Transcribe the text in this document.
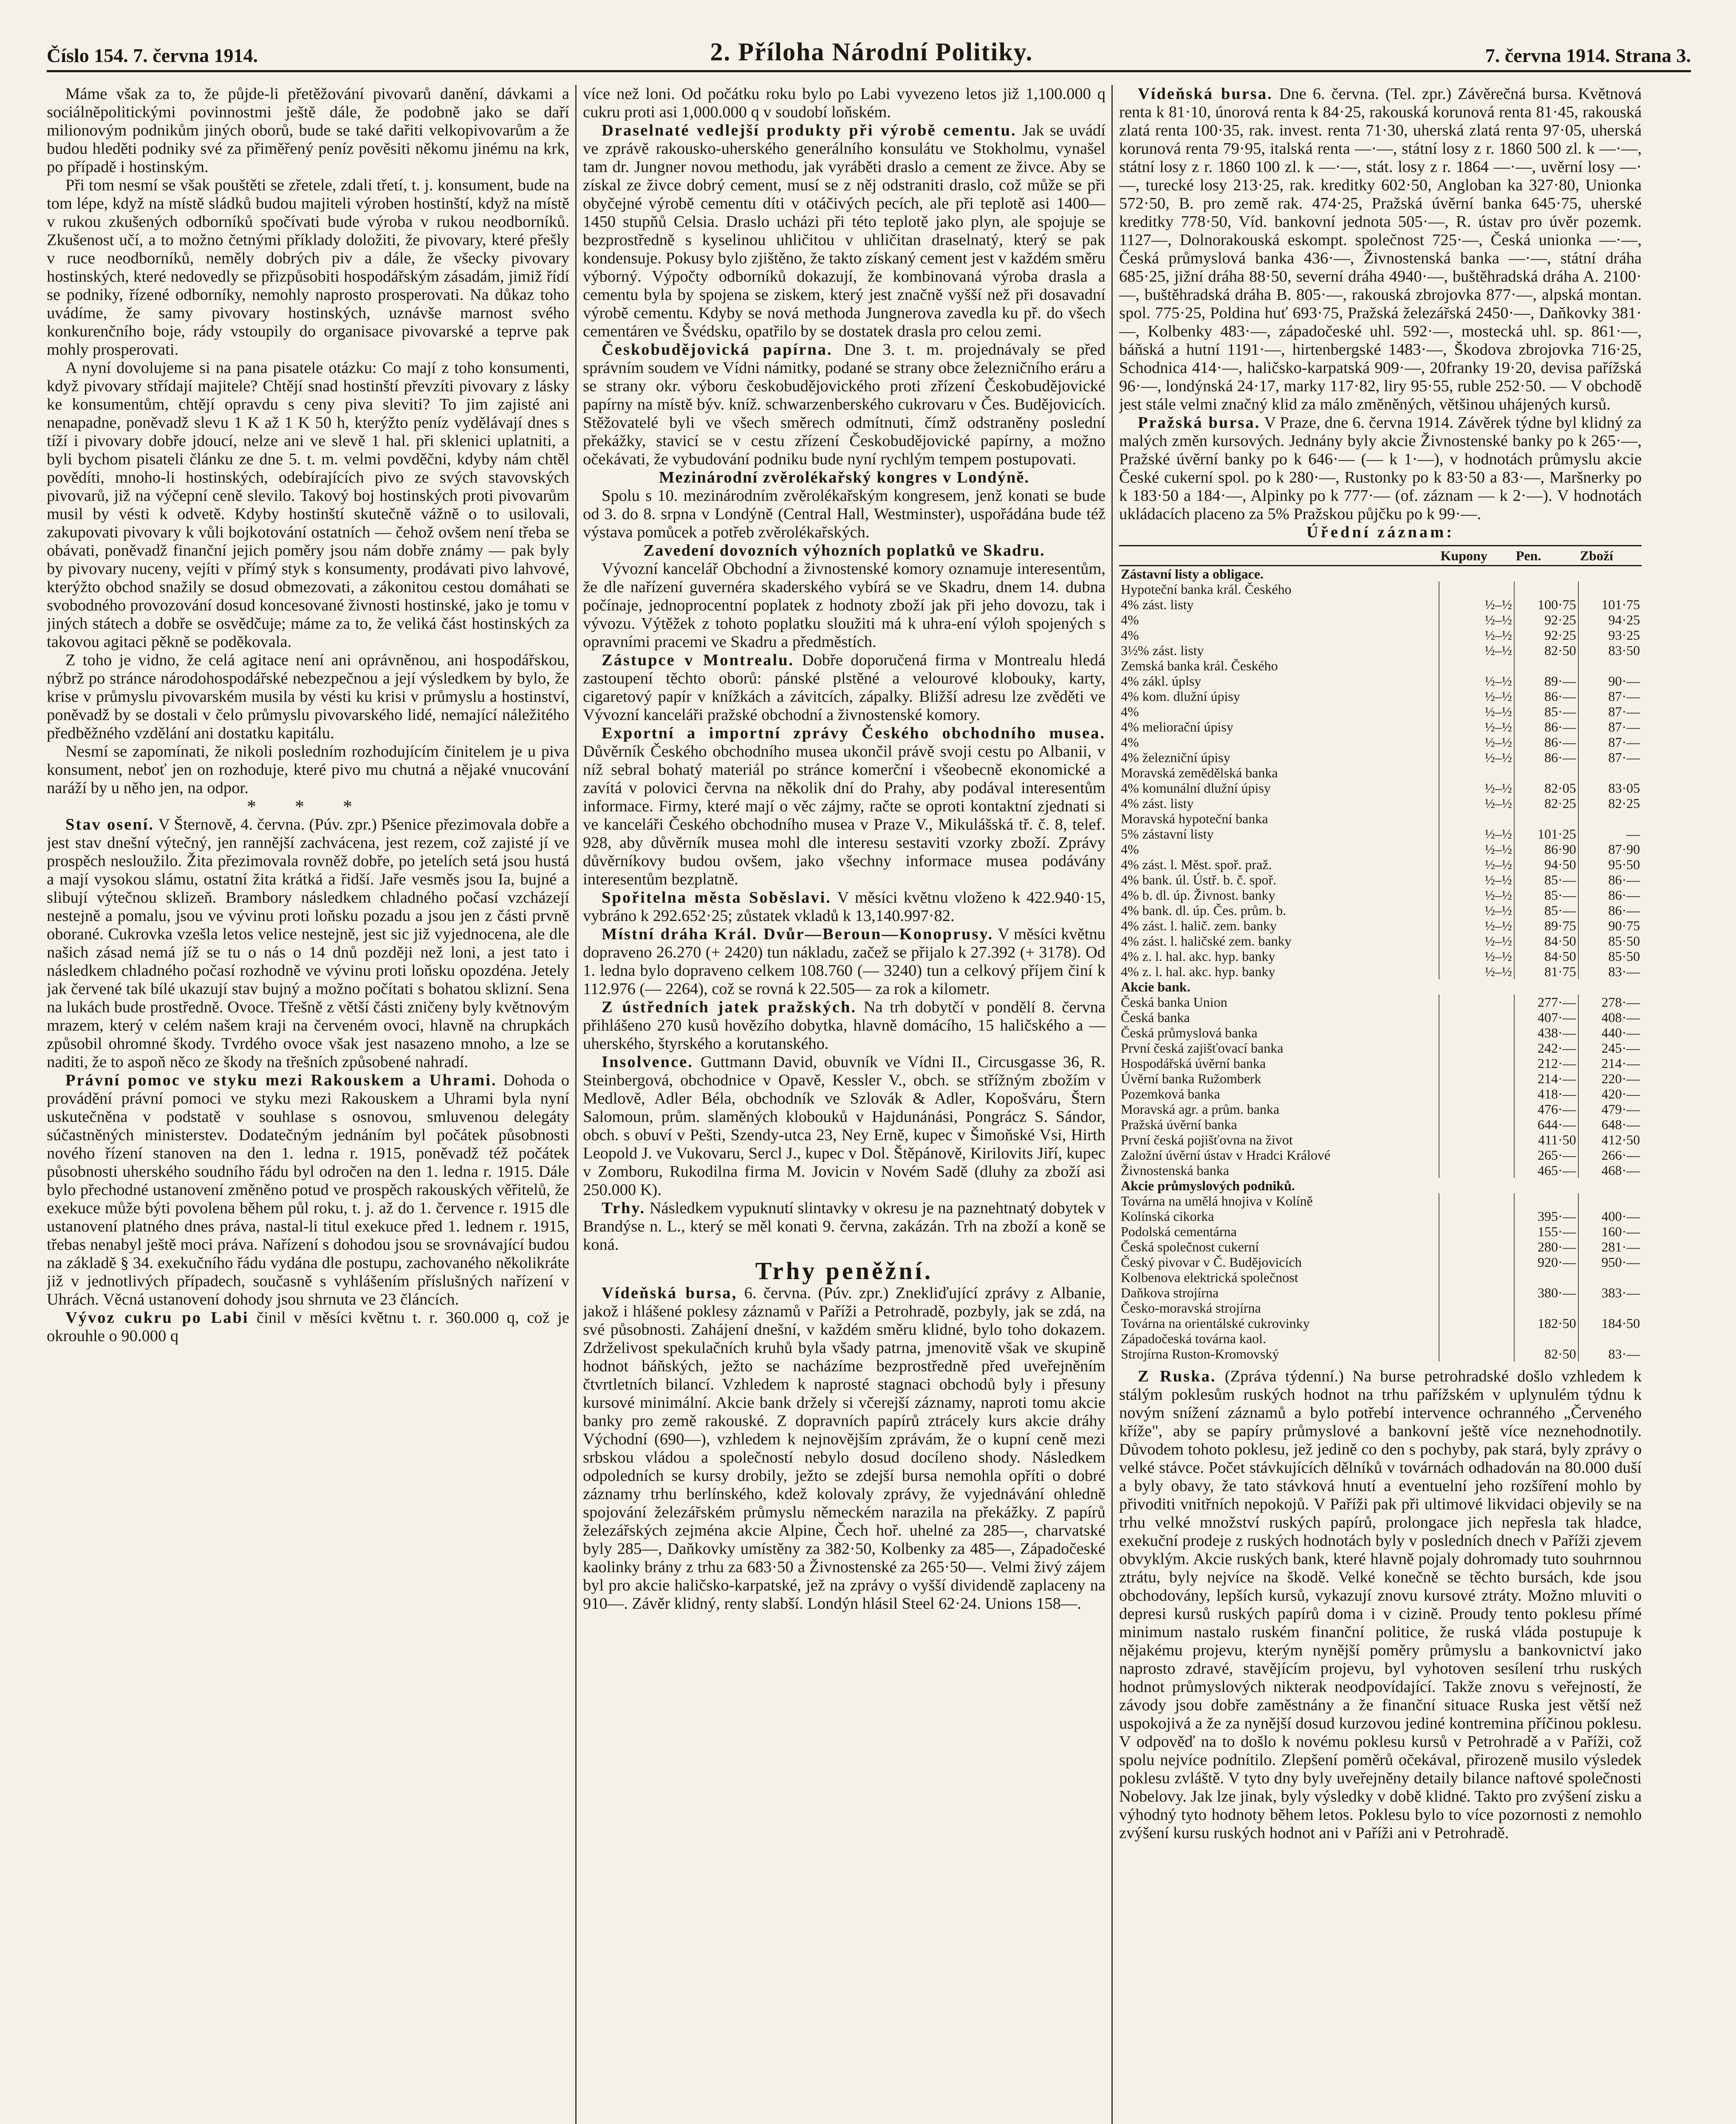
Číslo 154. 7. června 1914.	2. Příloha Národní Politiky.	7. června 1914. Strana 3.

Máme však za to, že půjde-li přetěžování pivovarů danění, dávkami a sociálněpolitickými povinnostmi ještě dále, že podobně jako se daří milionovým podnikům jiných oborů, bude se také dařiti velkopivovarům a že budou hleděti podniky své za přiměřený peníz pověsiti někomu jinému na krk, po případě i hostinským.

Při tom nesmí se však pouštěti se zřetele, zdali třetí, t. j. konsument, bude na tom lépe, když na místě sládků budou majiteli výroben hostinští, když na místě v rukou zkušených odborníků spočívati bude výroba v rukou neodborníků. Zkušenost učí, a to možno četnými příklady doložiti, že pivovary, které přešly v ruce neodborníků, neměly dobrých piv a dále, že všecky pivovary hostinských, které nedovedly se přizpůsobiti hospodářským zásadám, jimiž řídí se podniky, řízené odborníky, nemohly naprosto prosperovati. Na důkaz toho uvádíme, že samy pivovary hostinských, uznávše marnost svého konkurenčního boje, rády vstoupily do organisace pivovarské a teprve pak mohly prosperovati.

A nyní dovolujeme si na pana pisatele otázku: Co mají z toho konsumenti, když pivovary střídají majitele? Chtějí snad hostinští převzíti pivovary z lásky ke konsumentům, chtějí opravdu s ceny piva sleviti? To jim zajisté ani nenapadne, poněvadž slevu 1 K až 1 K 50 h, kterýžto peníz vydělávají dnes s tíží i pivovary dobře jdoucí, nelze ani ve slevě 1 hal. při sklenici uplatniti, a byli bychom pisateli článku ze dne 5. t. m. velmi povděčni, kdyby nám chtěl povědíti, mnoho-li hostinských, odebírajících pivo ze svých stavovských pivovarů, již na výčepní ceně slevilo. Takový boj hostinských proti pivovarům musil by vésti k odvetě. Kdyby hostinští skutečně vážně o to usilovali, zakupovati pivovary k vůli bojkotování ostatních — čehož ovšem není třeba se obávati, poněvadž finanční jejich poměry jsou nám dobře známy — pak byly by pivovary nuceny, vejíti v přímý styk s konsumenty, prodávati pivo lahvové, kterýžto obchod snažily se dosud obmezovati, a zákonitou cestou domáhati se svobodného provozování dosud koncesované živnosti hostinské, jako je tomu v jiných státech a dobře se osvědčuje; máme za to, že veliká část hostinských za takovou agitaci pěkně se poděkovala.

Z toho je vidno, že celá agitace není ani oprávněnou, ani hospodářskou, nýbrž po stránce národohospodářské nebezpečnou a její výsledkem by bylo, že krise v průmyslu pivovarském musila by vésti ku krisi v průmyslu a hostinství, poněvadž by se dostali v čelo průmyslu pivovarského lidé, nemající náležitého předběžného vzdělání ani dostatku kapitálu.

Nesmí se zapomínati, že nikoli posledním rozhodujícím činitelem je u piva konsument, neboť jen on rozhoduje, které pivo mu chutná a nějaké vnucování naráží by u něho jen, na odpor.

* * *

Stav osení. V Šternově, 4. června. (Púv. zpr.) Pšenice přezimovala dobře a jest stav dnešní výtečný, jen rannější zachvácena, jest rezem, což zajisté jí ve prospěch nesloužilo. Žita přezimovala rovněž dobře, po jetelích setá jsou hustá a mají vysokou slámu, ostatní žita krátká a řidší. Jaře vesměs jsou Ia, bujné a slibují výtečnou sklizeň. Brambory následkem chladného počasí vzcházejí nestejně a pomalu, jsou ve vývinu proti loňsku pozadu a jsou jen z části prvně oborané. Cukrovka vzešla letos velice nestejně, jest sic již vyjednocena, ale dle našich zásad nemá jíž se tu o nás o 14 dnů později než loni, a jest tato i následkem chladného počasí rozhodně ve vývinu proti loňsku opozdéna. Jetely jak červené tak bílé ukazují stav bujný a možno počítati s bohatou sklizní. Sena na lukách bude prostředně. Ovoce. Třešně z větší části zničeny byly květnovým mrazem, který v celém našem kraji na červeném ovoci, hlavně na chrupkách způsobil ohromné škody. Tvrdého ovoce však jest nasazeno mnoho, a lze se naditi, že to aspoň něco ze škody na třešních způsobené nahradí.

Právní pomoc ve styku mezi Rakouskem a Uhrami. Dohoda o provádění právní pomoci ve styku mezi Rakouskem a Uhrami byla nyní uskutečněna v podstatě v souhlase s osnovou, smluvenou delegáty súčastněných ministerstev. Dodatečným jednáním byl počátek působnosti nového řízení stanoven na den 1. ledna r. 1915, poněvadž též počátek působnosti uherského soudního řádu byl odročen na den 1. ledna r. 1915. Dále bylo přechodné ustanovení změněno potud ve prospěch rakouských věřitelů, že exekuce může býti povolena během půl roku, t. j. až do 1. července r. 1915 dle ustanovení platného dnes práva, nastal-li titul exekuce před 1. lednem r. 1915, třebas nenabyl ještě moci práva. Nařízení s dohodou jsou se srovnávající budou na základě § 34. exekučního řádu vydána dle postupu, zachovaného několikráte již v jednotlivých případech, současně s vyhlášením příslušných nařízení v Uhrách. Věcná ustanovení dohody jsou shrnuta ve 23 článcích.

Vývoz cukru po Labi činil v měsíci květnu t. r. 360.000 q, což je okrouhle o 90.000 q

více než loni. Od počátku roku bylo po Labi vyvezeno letos již 1,100.000 q cukru proti asi 1,000.000 q v soudobí loňském.

Draselnaté vedlejší produkty při výrobě cementu. Jak se uvádí ve zprávě rakousko-uherského generálního konsulátu ve Stokholmu, vynašel tam dr. Jungner novou methodu, jak vyráběti draslo a cement ze živce. Aby se získal ze živce dobrý cement, musí se z něj odstraniti draslo, což může se při obyčejné výrobě cementu díti v otáčivých pecích, ale při teplotě asi 1400—1450 stupňů Celsia. Draslo ucházi při této teplotě jako plyn, ale spojuje se bezprostředně s kyselinou uhličitou v uhličitan draselnatý, který se pak kondensuje. Pokusy bylo zjištěno, že takto získaný cement jest v každém směru výborný. Výpočty odborníků dokazují, že kombinovaná výroba drasla a cementu byla by spojena se ziskem, který jest značně vyšší než při dosavadní výrobě cementu. Kdyby se nová methoda Jungnerova zavedla ku př. do všech cementáren ve Švédsku, opatřilo by se dostatek drasla pro celou zemi.

Českobudějovická papírna. Dne 3. t. m. projednávaly se před správním soudem ve Vídni námitky, podané se strany obce železničního eráru a se strany okr. výboru českobudějovického proti zřízení Českobudějovické papírny na místě býv. kníž. schwarzenberského cukrovaru v Čes. Budějovicích. Stěžovatelé byli ve všech směrech odmítnuti, čímž odstraněny poslední překážky, stavicí se v cestu zřízení Českobudějovické papírny, a možno očekávati, že vybudování podniku bude nyní rychlým tempem postupovati.

Mezinárodní zvěrolékařský kongres v Londýně.

Spolu s 10. mezinárodním zvěrolékařským kongresem, jenž konati se bude od 3. do 8. srpna v Londýně (Central Hall, Westminster), uspořádána bude též výstava pomůcek a potřeb zvěrolékařských.

Zavedení dovozních výhozních poplatků ve Skadru.

Vývozní kancelář Obchodní a živnostenské komory oznamuje interesentům, že dle nařízení guvernéra skaderského vybírá se ve Skadru, dnem 14. dubna počínaje, jednoprocentní poplatek z hodnoty zboží jak při jeho dovozu, tak i vývozu. Výtěžek z tohoto poplatku sloužiti má k uhra-ení výloh spojených s opravními pracemi ve Skadru a předměstích.

Zástupce v Montrealu. Dobře doporučená firma v Montrealu hledá zastoupení těchto oborů: pánské plstěné a velourové klobouky, karty, cigaretový papír v knížkách a závitcích, zápalky. Bližší adresu lze zvěděti ve Vývozní kanceláři pražské obchodní a živnostenské komory.

Exportní a importní zprávy Českého obchodního musea. Důvěrník Českého obchodního musea ukončil právě svoji cestu po Albanii, v níž sebral bohatý materiál po stránce komerční i všeobecně ekonomické a zavítá v polovici června na několik dní do Prahy, aby podával interesentům informace. Firmy, které mají o věc zájmy, račte se oproti kontaktní zjednati si ve kanceláři Českého obchodního musea v Praze V., Mikulášská tř. č. 8, telef. 928, aby důvěrník musea mohl dle interesu sestaviti vzorky zboží. Zprávy důvěrníkovy budou ovšem, jako všechny informace musea podávány interesentům bezplatně.

Spořitelna města Soběslavi. V měsíci květnu vloženo k 422.940·15, vybráno k 292.652·25; zůstatek vkladů k 13,140.997·82.

Místní dráha Král. Dvůr—Beroun—Konoprusy. V měsíci květnu dopraveno 26.270 (+ 2420) tun nákladu, začež se přijalo k 27.392 (+ 3178). Od 1. ledna bylo dopraveno celkem 108.760 (— 3240) tun a celkový příjem činí k 112.976 (— 2264), což se rovná k 22.505— za rok a kilometr.

Z ústředních jatek pražských. Na trh dobytčí v pondělí 8. června přihlášeno 270 kusů hovězího dobytka, hlavně domácího, 15 haličského a — uherského, štyrského a korutanského.

Insolvence. Guttmann David, obuvník ve Vídni II., Circusgasse 36, R. Steinbergová, obchodnice v Opavě, Kessler V., obch. se střížným zbožím v Medlově, Adler Béla, obchodník ve Szlovák & Adler, Kopošváru, Štern Salomoun, prům. slaměných klobouků v Hajdunánási, Pongrácz S. Sándor, obch. s obuví v Pešti, Szendy-utca 23, Ney Erně, kupec v Šimoňské Vsi, Hirth Leopold J. ve Vukovaru, Sercl J., kupec v Dol. Štěpánově, Kirilovits Jiří, kupec v Zomboru, Rukodilna firma M. Jovicin v Novém Sadě (dluhy za zboží asi 250.000 K).

Trhy. Následkem vypuknutí slintavky v okresu je na paznehtnatý dobytek v Brandýse n. L., který se měl konati 9. června, zakázán. Trh na zboží a koně se koná.

Trhy peněžní.

Vídeňská bursa, 6. června. (Púv. zpr.) Znekliďující zprávy z Albanie, jakož i hlášené poklesy záznamů v Paříži a Petrohradě, pozbyly, jak se zdá, na své působnosti. Zahájení dnešní, v každém směru klidné, bylo toho dokazem. Zdrželivost spekulačních kruhů byla všady patrna, jmenovitě však ve skupině hodnot báňských, ježto se nacházíme bezprostředně před uveřejněním čtvrtletních bilancí. Vzhledem k naprosté stagnaci obchodů byly i přesuny kursové minimální. Akcie bank držely si včerejší záznamy, naproti tomu akcie banky pro země rakouské. Z dopravních papírů ztrácely kurs akcie dráhy Východní (690—), vzhledem k nejnovějším zprávám, že o kupní ceně mezi srbskou vládou a společností nebylo dosud docíleno shody. Následkem odpoledních se kursy drobily, ježto se zdejší bursa nemohla opříti o dobré záznamy trhu berlínského, kdež kolovaly zprávy, že vyjednávání ohledně spojování železářském průmyslu německém narazila na překážky. Z papírů železářských zejména akcie Alpine, Čech hoř. uhelné za 285—, charvatské byly 285—, Daňkovky umístěny za 382·50, Kolbenky za 485—, Západočeské kaolinky brány z trhu za 683·50 a Živnostenské za 265·50—. Velmi živý zájem byl pro akcie haličsko-karpatské, jež na zprávy o vyšší dividendě zaplaceny na 910—. Závěr klidný, renty slabší. Londýn hlásil Steel 62·24. Unions 158—.

Vídeňská bursa. Dne 6. června. (Tel. zpr.) Závěrečná bursa. Květnová renta k 81·10, únorová renta k 84·25, rakouská korunová renta 81·45, rakouská zlatá renta 100·35, rak. invest. renta 71·30, uherská zlatá renta 97·05, uherská korunová renta 79·95, italská renta —·—, státní losy z r. 1860 500 zl. k —·—, státní losy z r. 1860 100 zl. k —·—, stát. losy z r. 1864 —·—, uvěrní losy —·—, turecké losy 213·25, rak. kreditky 602·50, Angloban ka 327·80, Unionka 572·50, B. pro země rak. 474·25, Pražská úvěrní banka 645·75, uherské kreditky 778·50, Víd. bankovní jednota 505·—, R. ústav pro úvěr pozemk. 1127—, Dolnorakouská eskompt. společnost 725·—, Česká unionka —·—, Česká průmyslová banka 436·—, Živnostenská banka —·—, státní dráha 685·25, jižní dráha 88·50, severní dráha 4940·—, buštěhradská dráha A. 2100·—, buštěhradská dráha B. 805·—, rakouská zbrojovka 877·—, alpská montan. spol. 775·25, Poldina huť 693·75, Pražská železářská 2450·—, Daňkovky 381·—, Kolbenky 483·—, západočeské uhl. 592·—, mostecká uhl. sp. 861·—, báňská a hutní 1191·—, hirtenbergské 1483·—, Škodova zbrojovka 716·25, Schodnica 414·—, haličsko-karpatská 909·—, 20franky 19·20, devisa pařížská 96·—, londýnská 24·17, marky 117·82, liry 95·55, ruble 252·50. — V obchodě jest stále velmi značný klid za málo změněných, většinou uhájených kursů.

Pražská bursa. V Praze, dne 6. června 1914. Závěrek týdne byl klidný za malých změn kursových. Jednány byly akcie Živnostenské banky po k 265·—, Pražské úvěrní banky po k 646·— (— k 1·—), v hodnotách průmyslu akcie České cukerní spol. po k 280·—, Rustonky po k 83·50 a 83·—, Maršnerky po k 183·50 a 184·—, Alpinky po k 777·— (of. záznam — k 2·—). V hodnotách ukládacích placeno za 5% Pražskou půjčku po k 99·—.

Úřední záznam:

	Kupony	Pen.	Zboží
Zástavní listy a obligace.			
Hypoteční banka král. Českého			
4% zást. listy	½–½	100·75	101·75
4%	½–½	92·25	94·25
4%	½–½	92·25	93·25
3½% zást. listy	½–½	82·50	83·50
Zemská banka král. Českého			
4% zákl. úplsy	½–½	89·—	90·—
4% kom. dlužní úpisy	½–½	86·—	87·—
4%	½–½	85·—	87·—
4% meliorační úpisy	½–½	86·—	87·—
4%	½–½	86·—	87·—
4% železniční úpisy	½–½	86·—	87·—
Moravská zemědělská banka			
4% komunální dlužní úpisy	½–½	82·05	83·05
4% zást. listy	½–½	82·25	82·25
Moravská hypoteční banka			
5% zástavní listy	½–½	101·25	—
4%	½–½	86·90	87·90
4% zást. l. Měst. spoř. praž.	½–½	94·50	95·50
4% bank. úl. Ústř. b. č. spoř.	½–½	85·—	86·—
4% b. dl. úp. Živnost. banky	½–½	85·—	86·—
4% bank. dl. úp. Čes. prům. b.	½–½	85·—	86·—
4% zást. l. halič. zem. banky	½–½	89·75	90·75
4% zást. l. haličské zem. banky	½–½	84·50	85·50
4% z. l. hal. akc. hyp. banky	½–½	84·50	85·50
4% z. l. hal. akc. hyp. banky	½–½	81·75	83·—
Akcie bank.			
Česká banka Union		277·—	278·—
Česká banka		407·—	408·—
Česká průmyslová banka		438·—	440·—
První česká zajišťovací banka		242·—	245·—
Hospodářská úvěrní banka		212·—	214·—
Úvěrní banka Ružomberk		214·—	220·—
Pozemková banka		418·—	420·—
Moravská agr. a prům. banka		476·—	479·—
Pražská úvěrní banka		644·—	648·—
První česká pojišťovna na život		411·50	412·50
Založní úvěrní ústav v Hradci Králové		265·—	266·—
Živnostenská banka		465·—	468·—
Akcie průmyslových podniků.			
Továrna na umělá hnojiva v Kolíně			
Kolínská cikorka		395·—	400·—
Podolská cementárna		155·—	160·—
Česká společnost cukerní		280·—	281·—
Český pivovar v Č. Budějovicích		920·—	950·—
Kolbenova elektrická společnost			
Daňkova strojírna		380·—	383·—
Česko-moravská strojírna			
Továrna na orientálské cukrovinky		182·50	184·50
Západočeská továrna kaol.			
Strojírna Ruston-Kromovský		82·50	83·—

Z Ruska. (Zpráva týdenní.) Na burse petrohradské došlo vzhledem k stálým poklesům ruských hodnot na trhu pařížském v uplynulém týdnu k novým snížení záznamů a bylo potřebí intervence ochranného „Červeného kříže", aby se papíry průmyslové a bankovní ještě více nezneh​odnotily. Důvodem tohoto poklesu, jež jedině co den s pochyby, pak stará, byly zprávy o velké stávce. Počet stávkujících dělníků v továrnách odhadován na 80.000 duší a byly obavy, že tato stávková hnutí a eventuelní jeho rozšíření mohlo by přivoditi vnitřních nepokojů. V Paříži pak při ultimové likvidaci objevily se na trhu velké množství ruských papírů, prolongace jich nepřesla tak hladce, exekuční prodeje z ruských hodnotách byly v posledních dnech v Paříži zjevem obvyklým. Akcie ruských bank, které hlavně pojaly dohromady tuto souhrnnou ztrátu, byly nejvíce na škodě. Velké konečně se těchto bursách, kde jsou obchodovány, lepších kursů, vykazují znovu kursové ztráty. Možno mluviti o depresi kursů ruských papírů doma i v cizině. Proudy tento poklesu přímé minimum nastalo ruském finanční politice, že ruská vláda postupuje k nějakému projevu, kterým nynější poměry průmyslu a bankovnictví jako naprosto zdravé, stavějícím projevu, byl vyhotoven sesílení trhu ruských hodnot průmyslových nikterak neodpovídající. Takže znovu s veřejností, že závody jsou dobře zaměstnány a že finanční situace Ruska jest větší než uspokojivá a že za nynější dosud kurzovou jediné kontremina příčinou poklesu. V odpověď na to došlo k novému poklesu kursů v Petrohradě a v Paříži, což spolu nejvíce podnítilo. Zlepšení poměrů očekával, přirozeně musilo výsledek poklesu zvláště. V tyto dny byly uveřejněny detaily bilance naftové společnosti Nobelovy. Jak lze jinak, byly výsledky v době klidné. Takto pro zvýšení zisku a výhodný tyto hodnoty během letos. Poklesu bylo to více pozornosti z nemohlo zvýšení kursu ruských hodnot ani v Paříži ani v Petrohradě.
